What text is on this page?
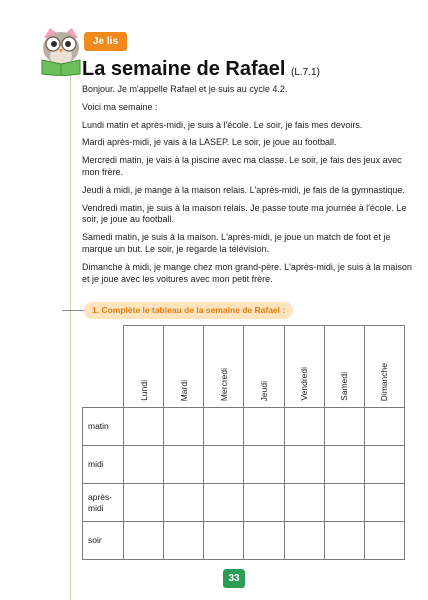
Je lis
La semaine de Rafael (L.7.1)

Bonjour. Je m'appelle Rafael et je suis au cycle 4.2.

Voici ma semaine :

Lundi matin et après-midi, je suis à l'école. Le soir, je fais mes devoirs.

Mardi après-midi, je vais à la LASEP. Le soir, je joue au football.

Mercredi matin, je vais à la piscine avec ma classe. Le soir, je fais des jeux avec mon frère.

Jeudi à midi, je mange à la maison relais. L'après-midi, je fais de la gymnastique.

Vendredi matin, je suis à la maison relais. Je passe toute ma journée à l'école. Le soir, je joue au football.

Samedi matin, je suis à la maison. L'après-midi, je joue un match de foot et je marque un but. Le soir, je regarde la télévision.

Dimanche à midi, je mange chez mon grand-père. L'après-midi, je suis à la maison et je joue avec les voitures avec mon petit frère.

1. Complète le tableau de la semaine de Rafael :
	Lundi	Mardi	Mercredi	Jeudi	Vendredi	Samedi	Dimanche
matin							
midi							
après-midi							
soir							
33
